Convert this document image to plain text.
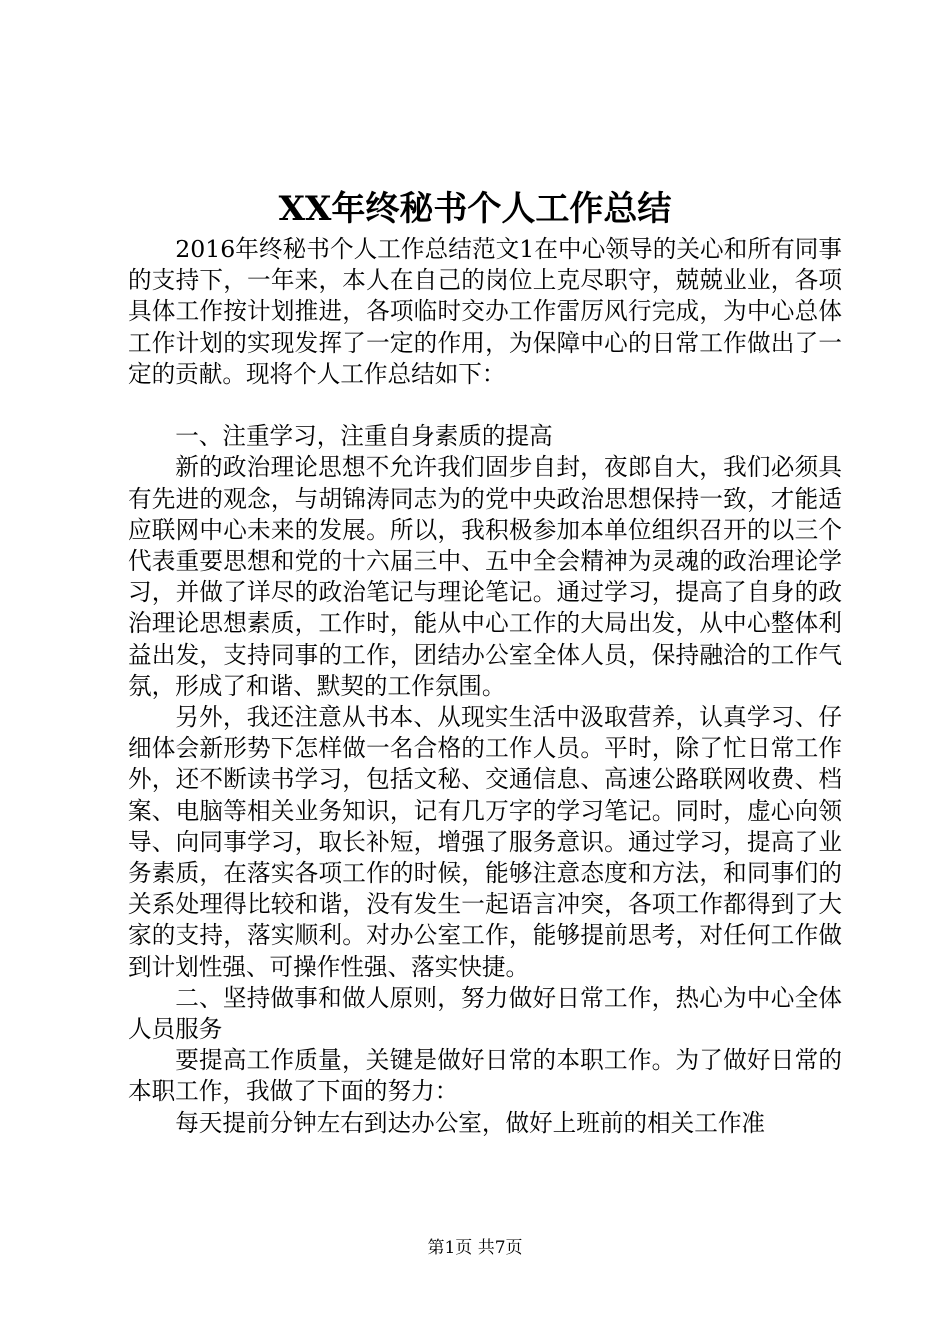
XX年终秘书个人工作总结

2016年终秘书个人工作总结范文1在中心领导的关心和所有同事的支持下，一年来，本人在自己的岗位上克尽职守，兢兢业业，各项具体工作按计划推进，各项临时交办工作雷厉风行完成，为中心总体工作计划的实现发挥了一定的作用，为保障中心的日常工作做出了一定的贡献。现将个人工作总结如下：

一、注重学习，注重自身素质的提高

新的政治理论思想不允许我们固步自封，夜郎自大，我们必须具有先进的观念，与胡锦涛同志为的党中央政治思想保持一致，才能适应联网中心未来的发展。所以，我积极参加本单位组织召开的以三个代表重要思想和党的十六届三中、五中全会精神为灵魂的政治理论学习，并做了详尽的政治笔记与理论笔记。通过学习，提高了自身的政治理论思想素质，工作时，能从中心工作的大局出发，从中心整体利益出发，支持同事的工作，团结办公室全体人员，保持融洽的工作气氛，形成了和谐、默契的工作氛围。

另外，我还注意从书本、从现实生活中汲取营养，认真学习、仔细体会新形势下怎样做一名合格的工作人员。平时，除了忙日常工作外，还不断读书学习，包括文秘、交通信息、高速公路联网收费、档案、电脑等相关业务知识，记有几万字的学习笔记。同时，虚心向领导、向同事学习，取长补短，增强了服务意识。通过学习，提高了业务素质，在落实各项工作的时候，能够注意态度和方法，和同事们的关系处理得比较和谐，没有发生一起语言冲突，各项工作都得到了大家的支持，落实顺利。对办公室工作，能够提前思考，对任何工作做到计划性强、可操作性强、落实快捷。

二、坚持做事和做人原则，努力做好日常工作，热心为中心全体人员服务

要提高工作质量，关键是做好日常的本职工作。为了做好日常的本职工作，我做了下面的努力：

每天提前分钟左右到达办公室，做好上班前的相关工作准

第1页 共7页
